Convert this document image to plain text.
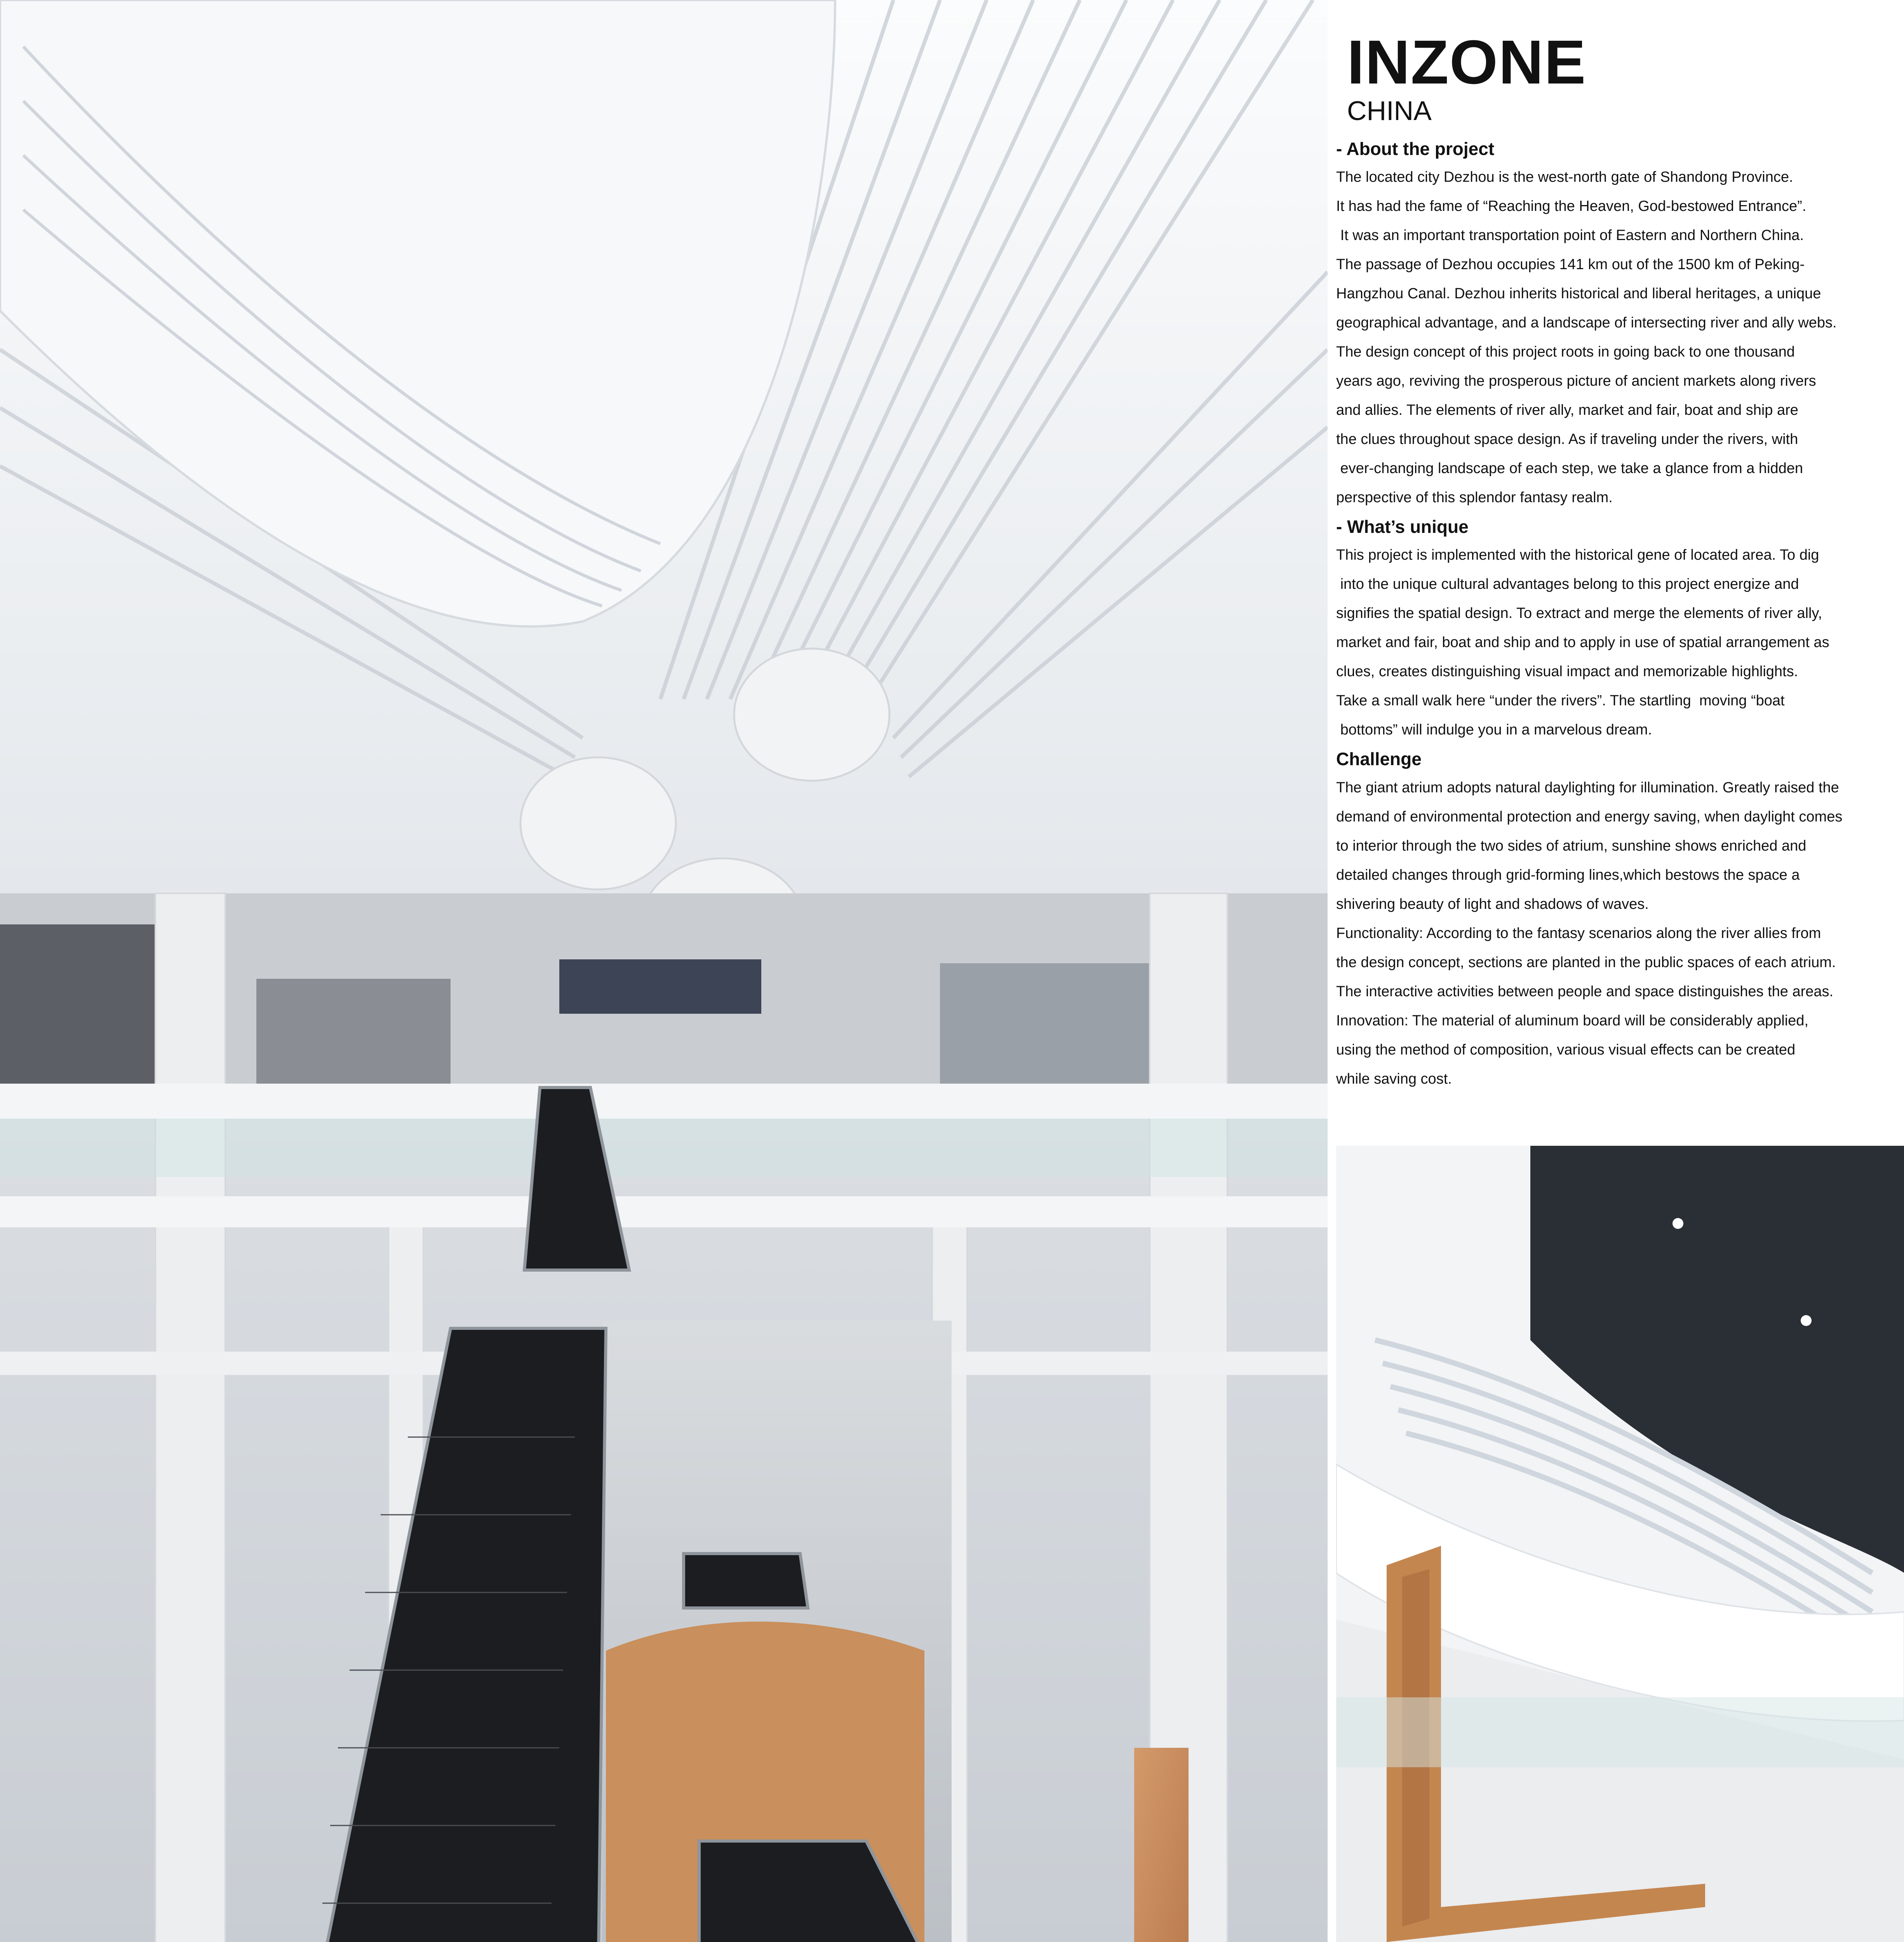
INZONE
CHINA
- About the project

The located city Dezhou is the west-north gate of Shandong Province.

It has had the fame of “Reaching the Heaven, God-bestowed Entrance”.

It was an important transportation point of Eastern and Northern China.

The passage of Dezhou occupies 141 km out of the 1500 km of Peking-

Hangzhou Canal. Dezhou inherits historical and liberal heritages, a unique

geographical advantage, and a landscape of intersecting river and ally webs.

The design concept of this project roots in going back to one thousand

years ago, reviving the prosperous picture of ancient markets along rivers

and allies. The elements of river ally, market and fair, boat and ship are

the clues throughout space design. As if traveling under the rivers, with

ever-changing landscape of each step, we take a glance from a hidden

perspective of this splendor fantasy realm.

- What’s unique

This project is implemented with the historical gene of located area. To dig

into the unique cultural advantages belong to this project energize and

signifies the spatial design. To extract and merge the elements of river ally,

market and fair, boat and ship and to apply in use of spatial arrangement as

clues, creates distinguishing visual impact and memorizable highlights.

Take a small walk here “under the rivers”. The startling  moving “boat

bottoms” will indulge you in a marvelous dream.

Challenge

The giant atrium adopts natural daylighting for illumination. Greatly raised the

demand of environmental protection and energy saving, when daylight comes

to interior through the two sides of atrium, sunshine shows enriched and

detailed changes through grid-forming lines,which bestows the space a

shivering beauty of light and shadows of waves.

Functionality: According to the fantasy scenarios along the river allies from

the design concept, sections are planted in the public spaces of each atrium.

The interactive activities between people and space distinguishes the areas.

Innovation: The material of aluminum board will be considerably applied,

using the method of composition, various visual effects can be created

while saving cost.
